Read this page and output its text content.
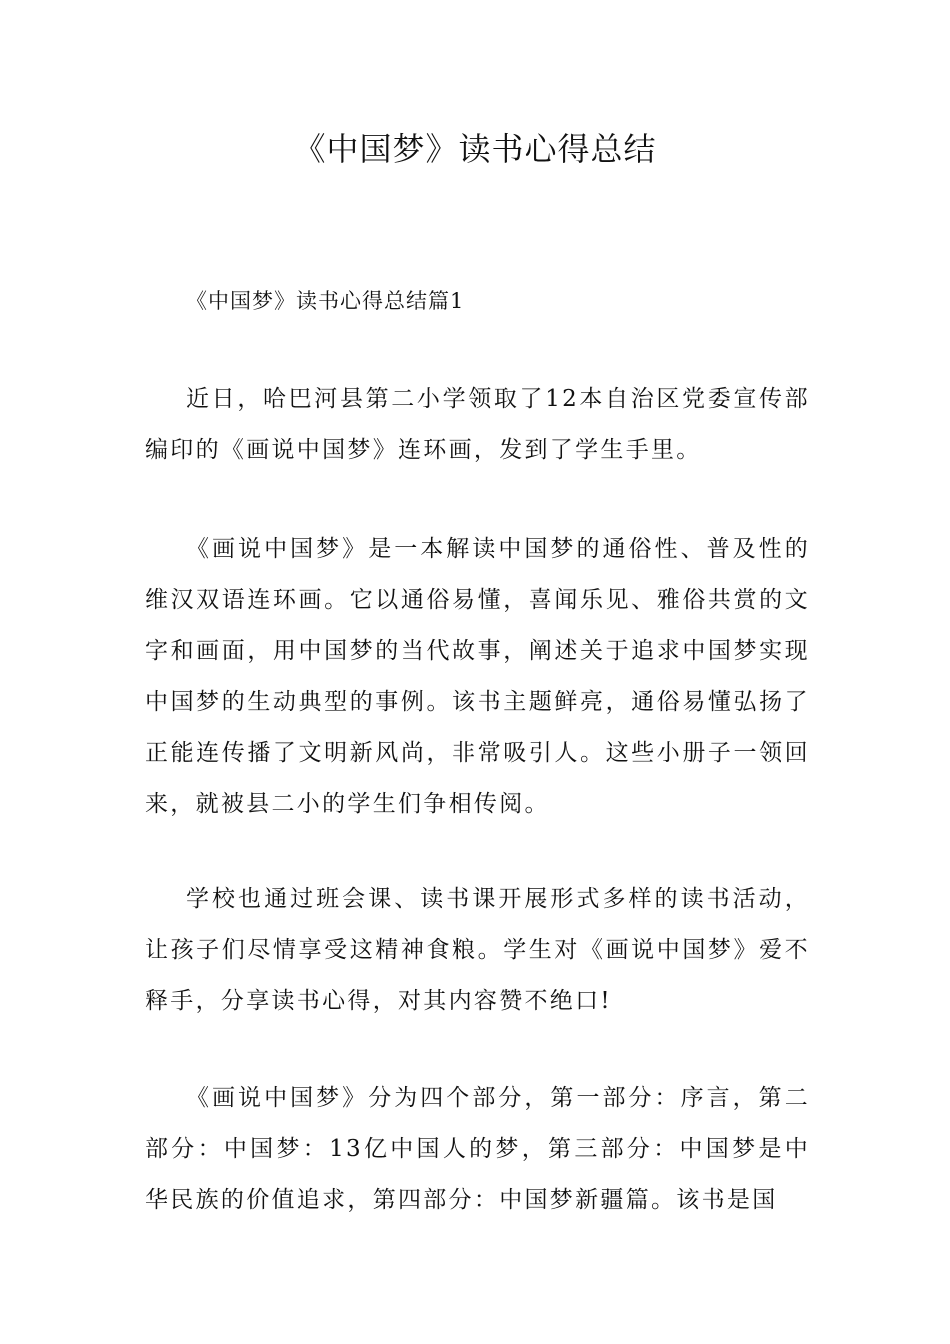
《中国梦》读书心得总结
《中国梦》读书心得总结篇1

近日，哈巴河县第二小学领取了12本自治区党委宣传部编印的《画说中国梦》连环画，发到了学生手里。

《画说中国梦》是一本解读中国梦的通俗性、普及性的维汉双语连环画。它以通俗易懂，喜闻乐见、雅俗共赏的文字和画面，用中国梦的当代故事，阐述关于追求中国梦实现中国梦的生动典型的事例。该书主题鲜亮，通俗易懂弘扬了正能连传播了文明新风尚，非常吸引人。这些小册子一领回来，就被县二小的学生们争相传阅。

学校也通过班会课、读书课开展形式多样的读书活动，让孩子们尽情享受这精神食粮。学生对《画说中国梦》爱不释手，分享读书心得，对其内容赞不绝口!

《画说中国梦》分为四个部分，第一部分：序言，第二部分：中国梦：13亿中国人的梦，第三部分：中国梦是中华民族的价值追求，第四部分：中国梦新疆篇。该书是国
